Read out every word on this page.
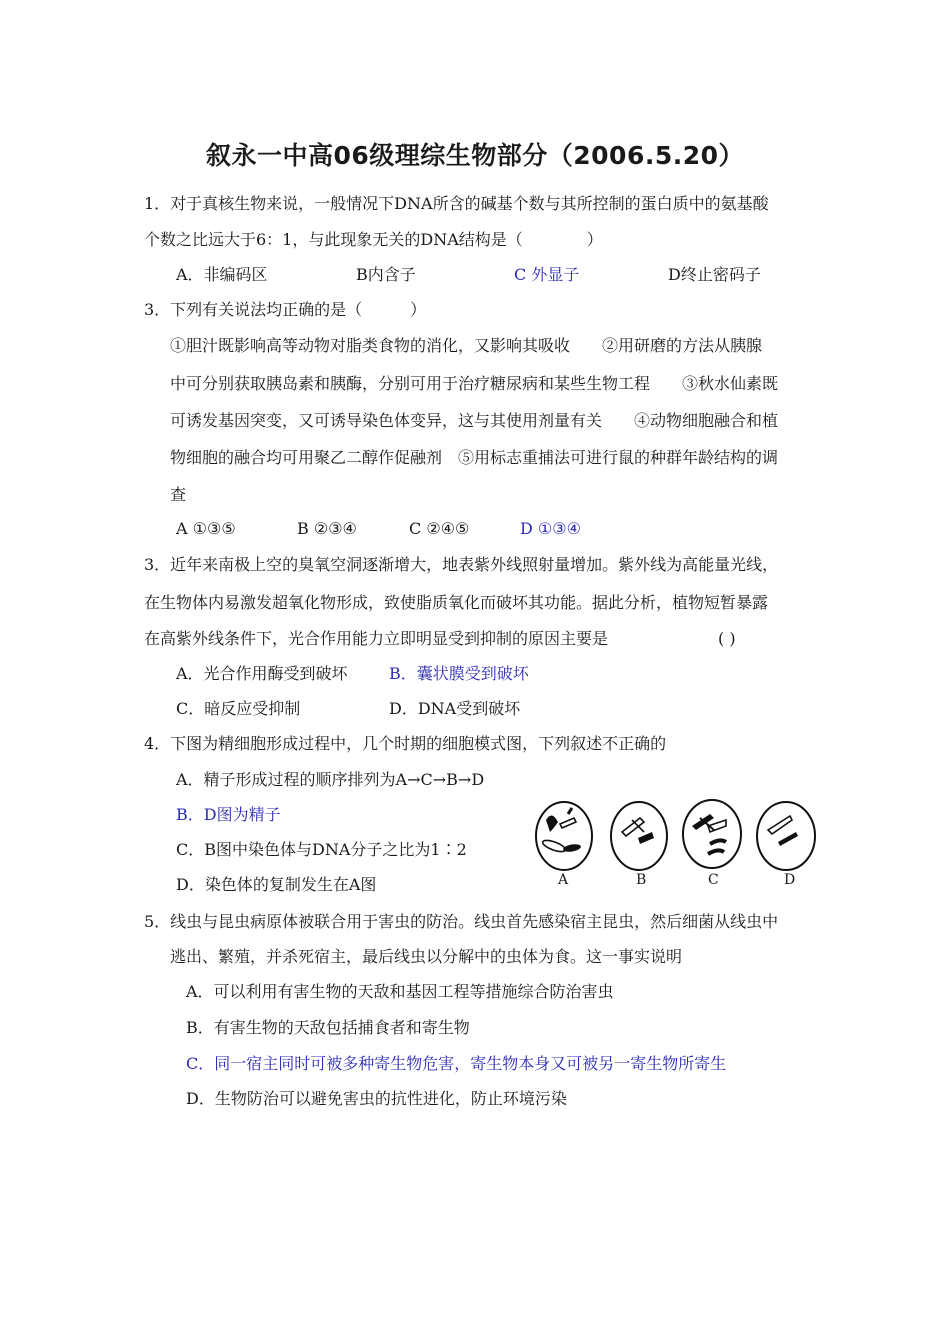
叙永一中高06级理综生物部分（2006.5.20）
1．对于真核生物来说，一般情况下DNA所含的碱基个数与其所控制的蛋白质中的氨基酸
个数之比远大于6：1，与此现象无关的DNA结构是（　　　　）
A．非编码区	B内含子	C 外显子	D终止密码子
3．下列有关说法均正确的是（　　　）
①胆汁既影响高等动物对脂类食物的消化，又影响其吸收　　②用研磨的方法从胰腺
中可分别获取胰岛素和胰酶，分别可用于治疗糖尿病和某些生物工程　　③秋水仙素既
可诱发基因突变，又可诱导染色体变异，这与其使用剂量有关　　④动物细胞融合和植
物细胞的融合均可用聚乙二醇作促融剂　⑤用标志重捕法可进行鼠的种群年龄结构的调
查
A ①③⑤	B ②③④	C ②④⑤	D ①③④
3．近年来南极上空的臭氧空洞逐渐增大，地表紫外线照射量增加。紫外线为高能量光线，
在生物体内易激发超氧化物形成，致使脂质氧化而破坏其功能。据此分析，植物短暂暴露
在高紫外线条件下，光合作用能力立即明显受到抑制的原因主要是	( )
A．光合作用酶受到破坏	B．囊状膜受到破坏
C．暗反应受抑制	D．DNA受到破坏
4．下图为精细胞形成过程中，几个时期的细胞模式图，下列叙述不正确的
A．精子形成过程的顺序排列为A→C→B→D
B．D图为精子
C．B图中染色体与DNA分子之比为1∶2
D．染色体的复制发生在A图	A	B	C	D
5．线虫与昆虫病原体被联合用于害虫的防治。线虫首先感染宿主昆虫，然后细菌从线虫中
逃出、繁殖，并杀死宿主，最后线虫以分解中的虫体为食。这一事实说明
A．可以利用有害生物的天敌和基因工程等措施综合防治害虫
B．有害生物的天敌包括捕食者和寄生物
C．同一宿主同时可被多种寄生物危害，寄生物本身又可被另一寄生物所寄生
D．生物防治可以避免害虫的抗性进化，防止环境污染
